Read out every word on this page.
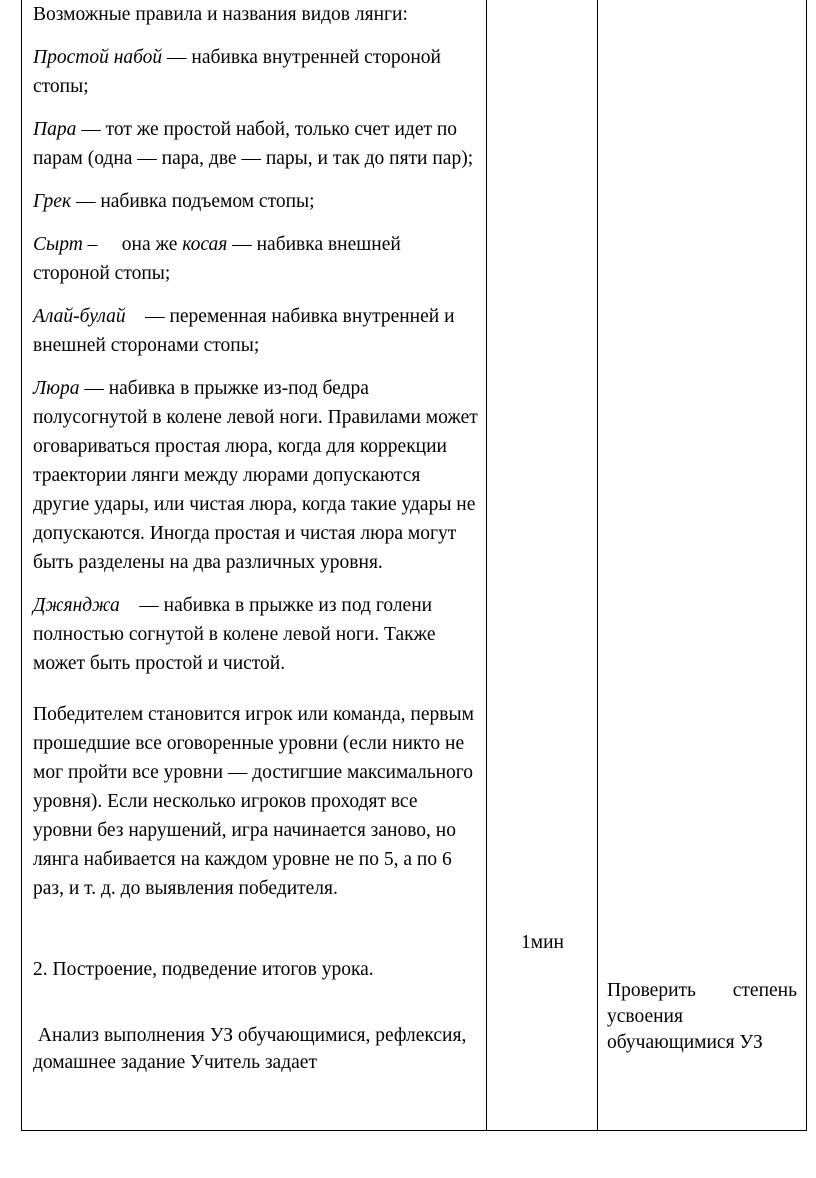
Возможные правила и названия видов лянги:

Простой набой — набивка внутренней стороной стопы;

Пара — тот же простой набой, только счет идет по парам (одна — пара, две — пары, и так до пяти пар);

Грек — набивка подъемом стопы;

Сырт –     она же косая — набивка внешней стороной стопы;

Алай-булай    — переменная набивка внутренней и внешней сторонами стопы;

Люра — набивка в прыжке из-под бедра полусогнутой в колене левой ноги. Правилами может оговариваться простая люра, когда для коррекции траектории лянги между люрами допускаются другие удары, или чистая люра, когда такие удары не допускаются. Иногда простая и чистая люра могут быть разделены на два различных уровня.

Джянджа    — набивка в прыжке из под голени полностью согнутой в колене левой ноги. Также может быть простой и чистой.

Победителем становится игрок или команда, первым прошедшие все оговоренные уровни (если никто не мог пройти все уровни — достигшие максимального уровня). Если несколько игроков проходят все уровни без нарушений, игра начинается заново, но лянга набивается на каждом уровне не по 5, а по 6 раз, и т. д. до выявления победителя.

2. Построение, подведение итогов урока.

Анализ выполнения УЗ обучающимися, рефлексия, домашнее задание Учитель задает

1мин
Проверить степень
усвоения
обучающимися УЗ
